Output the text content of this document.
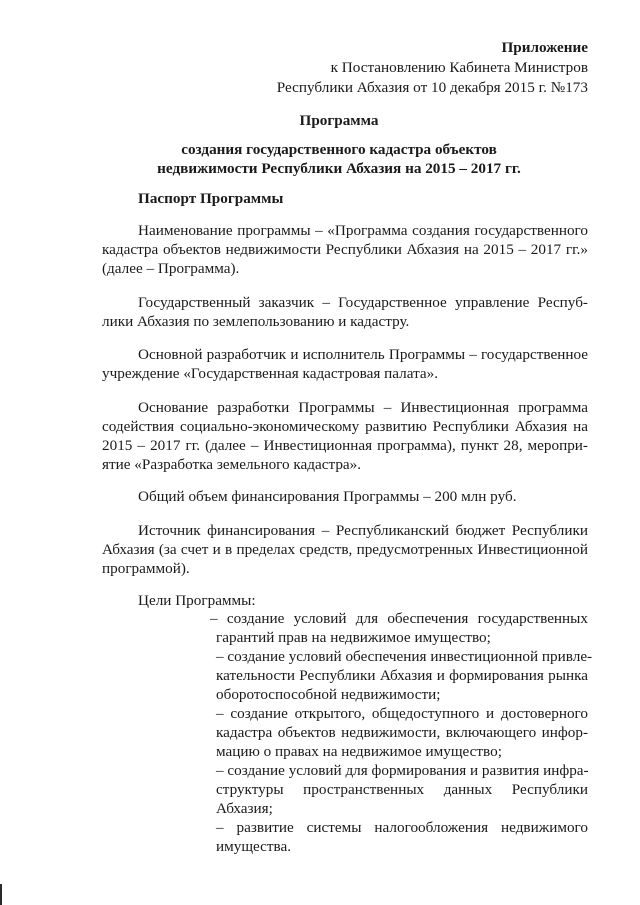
Приложение
к Постановлению Кабинета Министров
Республики Абхазия от 10 декабря 2015 г. №173
Программа
создания государственного кадастра объектов
недвижимости Республики Абхазия на 2015 – 2017 гг.
Паспорт Программы
Наименование программы – «Программа создания государственного
кадастра объектов недвижимости Республики Абхазия на 2015 – 2017 гг.»
(далее – Программа).
Государственный заказчик – Государственное управление Респуб-
лики Абхазия по землепользованию и кадастру.
Основной разработчик и исполнитель Программы – государственное
учреждение «Государственная кадастровая палата».
Основание разработки Программы – Инвестиционная программа
содействия социально-экономическому развитию Республики Абхазия на
2015 – 2017 гг. (далее – Инвестиционная программа), пункт 28, меропри-
ятие «Разработка земельного кадастра».
Общий объем финансирования Программы – 200 млн руб.
Источник финансирования – Республиканский бюджет Республики
Абхазия (за счет и в пределах средств, предусмотренных Инвестиционной
программой).
Цели Программы:
– создание условий для обеспечения государственных
гарантий прав на недвижимое имущество;
– создание условий обеспечения инвестиционной привле-
кательности Республики Абхазия и формирования рынка
оборотоспособной недвижимости;
– создание открытого, общедоступного и достоверного
кадастра объектов недвижимости, включающего инфор-
мацию о правах на недвижимое имущество;
– создание условий для формирования и развития инфра-
структуры пространственных данных Республики
Абхазия;
– развитие системы налогообложения недвижимого
имущества.
